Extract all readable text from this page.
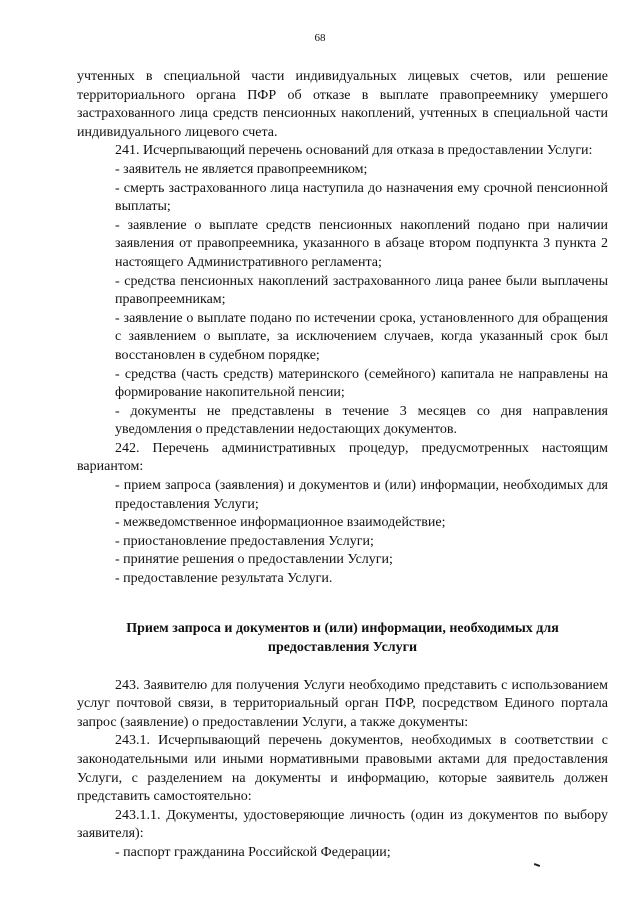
68

учтенных в специальной части индивидуальных лицевых счетов, или решение территориального органа ПФР об отказе в выплате правопреемнику умершего застрахованного лица средств пенсионных накоплений, учтенных в специальной части индивидуального лицевого счета.

241. Исчерпывающий перечень оснований для отказа в предоставлении Услуги:

- заявитель не является правопреемником;

- смерть застрахованного лица наступила до назначения ему срочной пенсионной выплаты;

- заявление о выплате средств пенсионных накоплений подано при наличии заявления от правопреемника, указанного в абзаце втором подпункта 3 пункта 2 настоящего Административного регламента;

- средства пенсионных накоплений застрахованного лица ранее были выплачены правопреемникам;

- заявление о выплате подано по истечении срока, установленного для обращения с заявлением о выплате, за исключением случаев, когда указанный срок был восстановлен в судебном порядке;

- средства (часть средств) материнского (семейного) капитала не направлены на формирование накопительной пенсии;

- документы не представлены в течение 3 месяцев со дня направления уведомления о представлении недостающих документов.

242. Перечень административных процедур, предусмотренных настоящим вариантом:

- прием запроса (заявления) и документов и (или) информации, необходимых для предоставления Услуги;

- межведомственное информационное взаимодействие;

- приостановление предоставления Услуги;

- принятие решения о предоставлении Услуги;

- предоставление результата Услуги.

Прием запроса и документов и (или) информации, необходимых для предоставления Услуги

243. Заявителю для получения Услуги необходимо представить с использованием услуг почтовой связи, в территориальный орган ПФР, посредством Единого портала запрос (заявление) о предоставлении Услуги, а также документы:

243.1. Исчерпывающий перечень документов, необходимых в соответствии с законодательными или иными нормативными правовыми актами для предоставления Услуги, с разделением на документы и информацию, которые заявитель должен представить самостоятельно:

243.1.1. Документы, удостоверяющие личность (один из документов по выбору заявителя):

- паспорт гражданина Российской Федерации;
